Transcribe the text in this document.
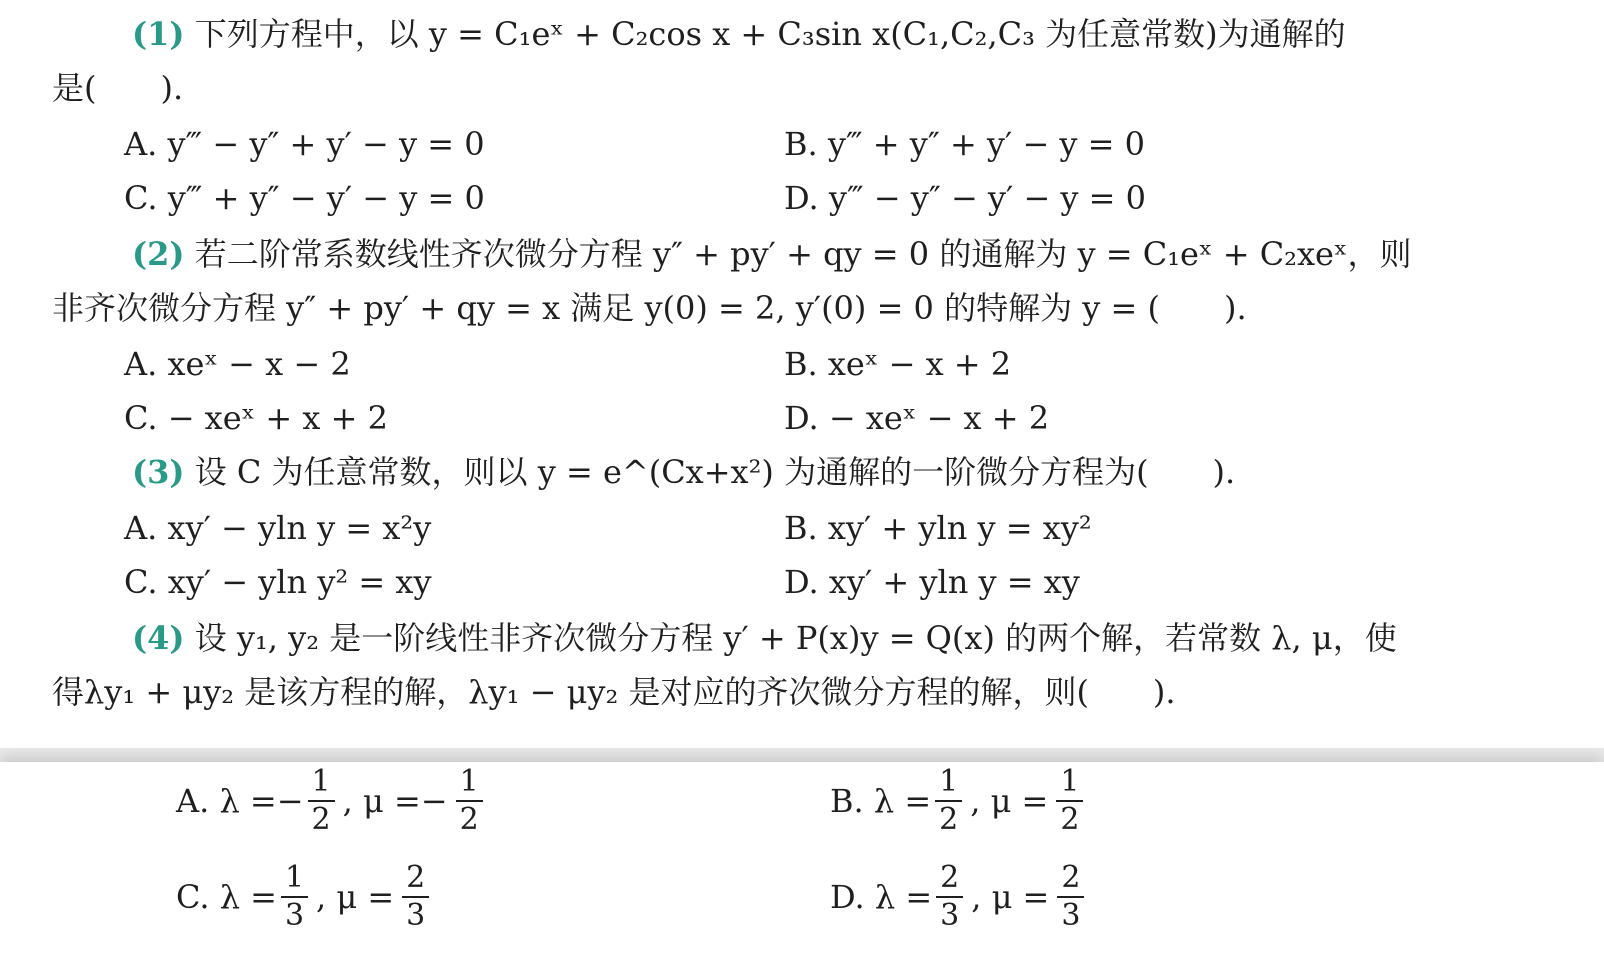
(1) 下列方程中，以 y = C₁eˣ + C₂cos x + C₃sin x(C₁,C₂,C₃ 为任意常数)为通解的
是(　　).
A. y‴ − y″ + y′ − y = 0	B. y‴ + y″ + y′ − y = 0
C. y‴ + y″ − y′ − y = 0	D. y‴ − y″ − y′ − y = 0
(2) 若二阶常系数线性齐次微分方程 y″ + py′ + qy = 0 的通解为 y = C₁eˣ + C₂xeˣ，则
非齐次微分方程 y″ + py′ + qy = x 满足 y(0) = 2, y′(0) = 0 的特解为 y = (　　).
A. xeˣ − x − 2	B. xeˣ − x + 2
C. − xeˣ + x + 2	D. − xeˣ − x + 2
(3) 设 C 为任意常数，则以 y = e^(Cx+x²) 为通解的一阶微分方程为(　　).
A. xy′ − yln y = x²y	B. xy′ + yln y = xy²
C. xy′ − yln y² = xy	D. xy′ + yln y = xy
(4) 设 y₁, y₂ 是一阶线性非齐次微分方程 y′ + P(x)y = Q(x) 的两个解，若常数 λ, μ，使
得λy₁ + μy₂ 是该方程的解，λy₁ − μy₂ 是对应的齐次微分方程的解，则(　　).
A. $\lambda =- \frac{1}{2}$ , $\mu =- \frac{1}{2}$	B. $\lambda = \frac{1}{2}$ , $\mu = \frac{1}{2}$
C. $\lambda = \frac{1}{3}$ , $\mu = \frac{2}{3}$	D. $\lambda = \frac{2}{3}$ , $\mu = \frac{2}{3}$
